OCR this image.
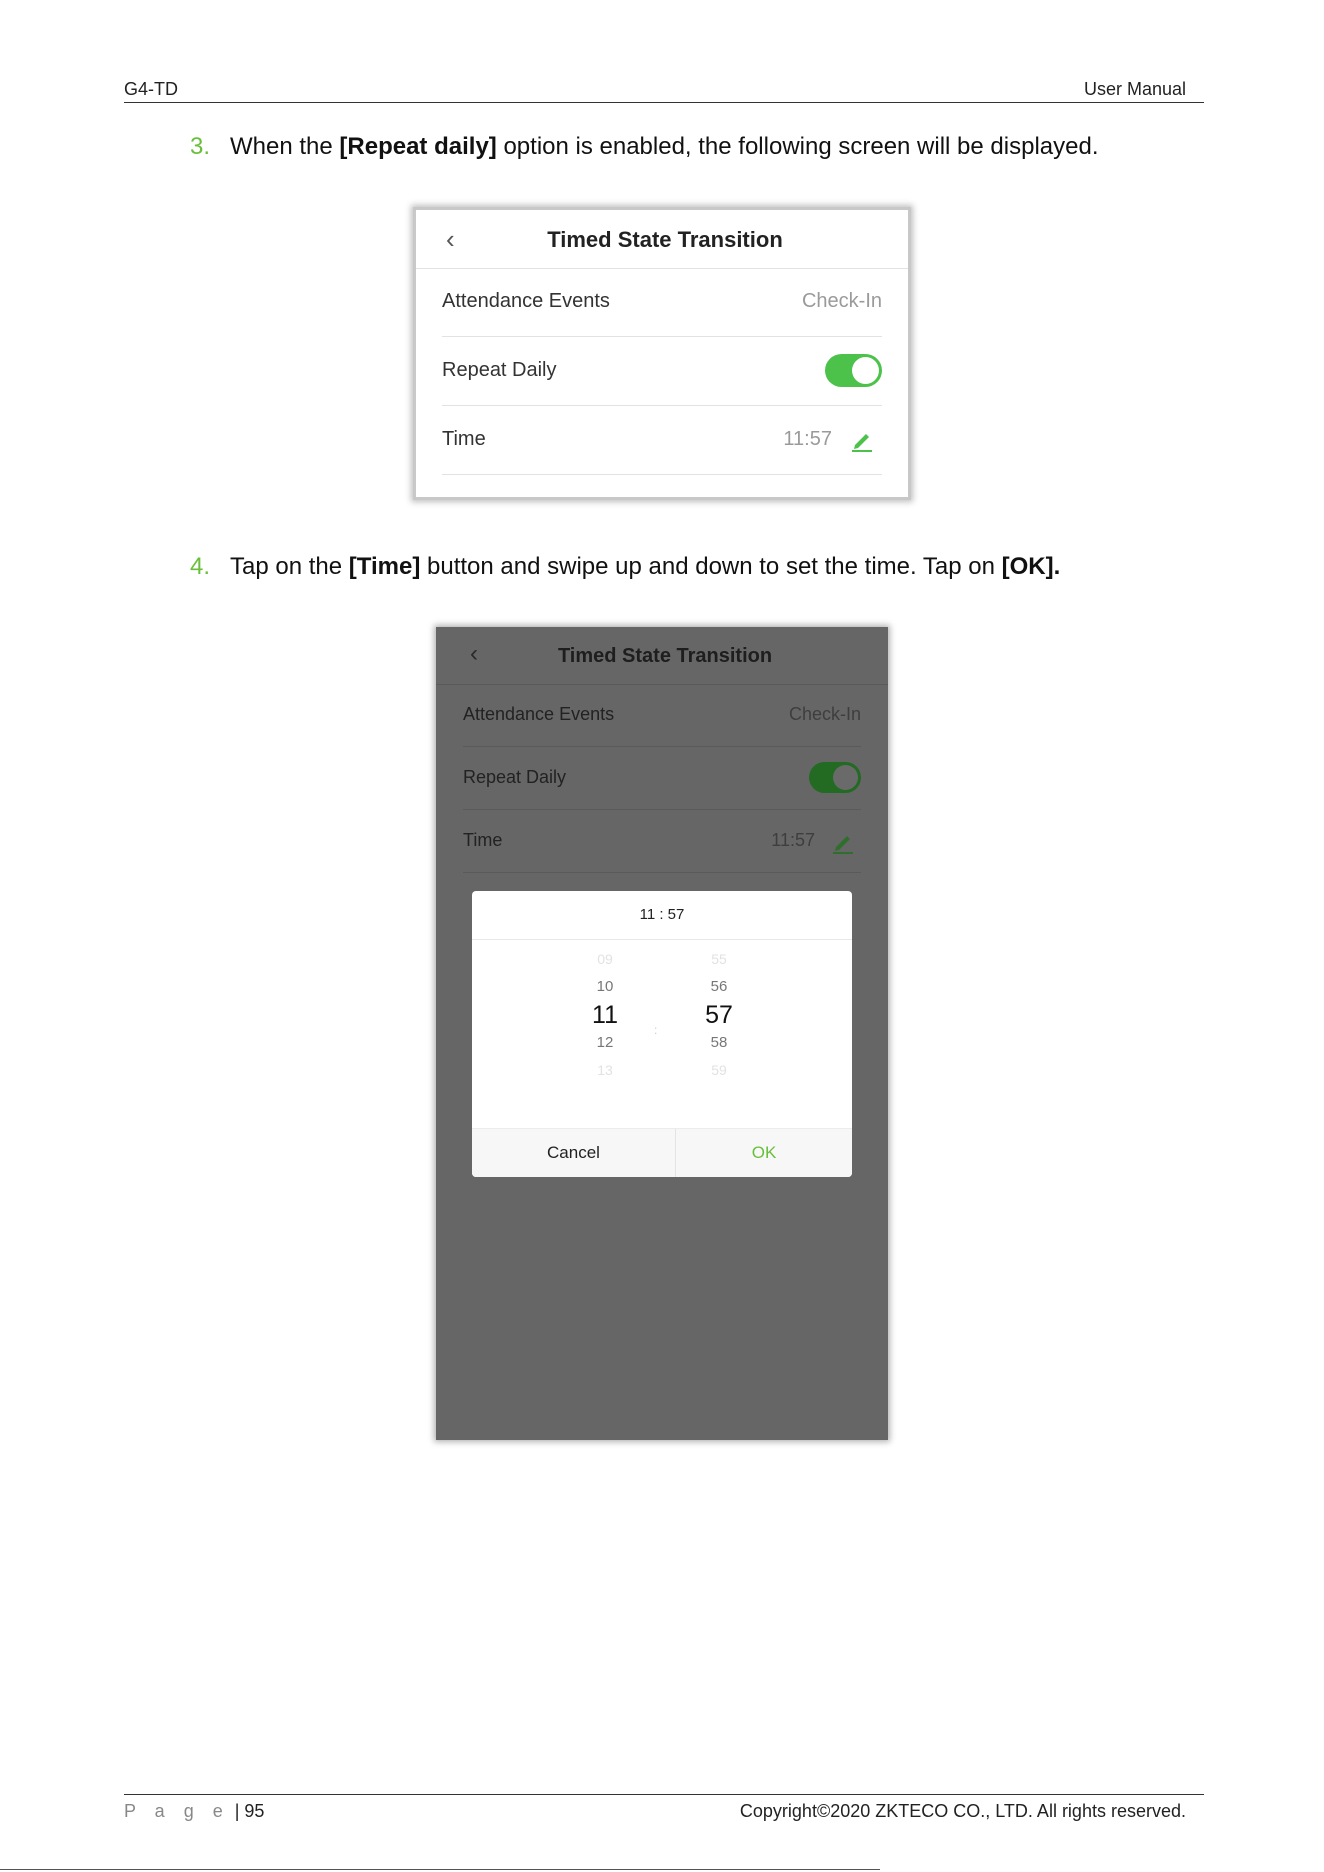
G4-TD	User Manual
3. When the [Repeat daily] option is enabled, the following screen will be displayed.
‹	Timed State Transition
Attendance Events	Check-In
Repeat Daily
Time	11:57
4. Tap on the [Time] button and swipe up and down to set the time. Tap on [OK].
‹	Timed State Transition
Attendance Events	Check-In
Repeat Daily
Time	11:57
11 : 57
09
10
11
12
13
:
55
56
57
58
59
Cancel	OK
P a g e | 95	Copyright©2020 ZKTECO CO., LTD. All rights reserved.
